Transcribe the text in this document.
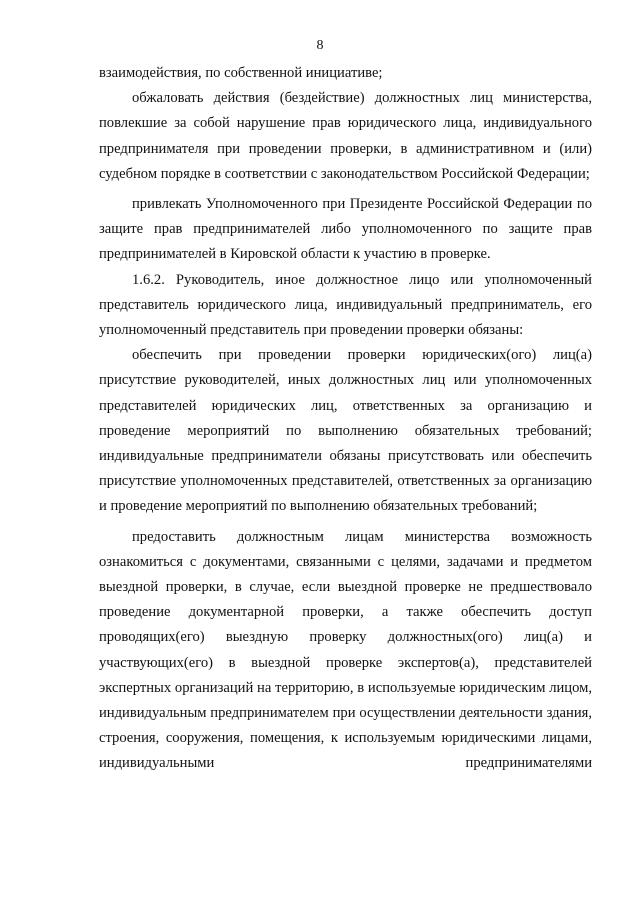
8

взаимодействия, по собственной инициативе;

обжаловать действия (бездействие) должностных лиц министерства, повлекшие за собой нарушение прав юридического лица, индивидуального предпринимателя при проведении проверки, в административном и (или) судебном порядке в соответствии с законодательством Российской Федерации;

привлекать Уполномоченного при Президенте Российской Федерации по защите прав предпринимателей либо уполномоченного по защите прав предпринимателей в Кировской области к участию в проверке.

1.6.2. Руководитель, иное должностное лицо или уполномоченный представитель юридического лица, индивидуальный предприниматель, его уполномоченный представитель при проведении проверки обязаны:

обеспечить при проведении проверки юридических(ого) лиц(а) присутствие руководителей, иных должностных лиц или уполномоченных представителей юридических лиц, ответственных за организацию и проведение мероприятий по выполнению обязательных требований; индивидуальные предприниматели обязаны присутствовать или обеспечить присутствие уполномоченных представителей, ответственных за организацию и проведение мероприятий по выполнению обязательных требований;

предоставить должностным лицам министерства возможность ознакомиться с документами, связанными с целями, задачами и предметом выездной проверки, в случае, если выездной проверке не предшествовало проведение документарной проверки, а также обеспечить доступ проводящих(его) выездную проверку должностных(ого) лиц(а) и участвующих(его) в выездной проверке экспертов(а), представителей экспертных организаций на территорию, в используемые юридическим лицом, индивидуальным предпринимателем при осуществлении деятельности здания, строения, сооружения, помещения, к используемым юридическими лицами, индивидуальными предпринимателями
